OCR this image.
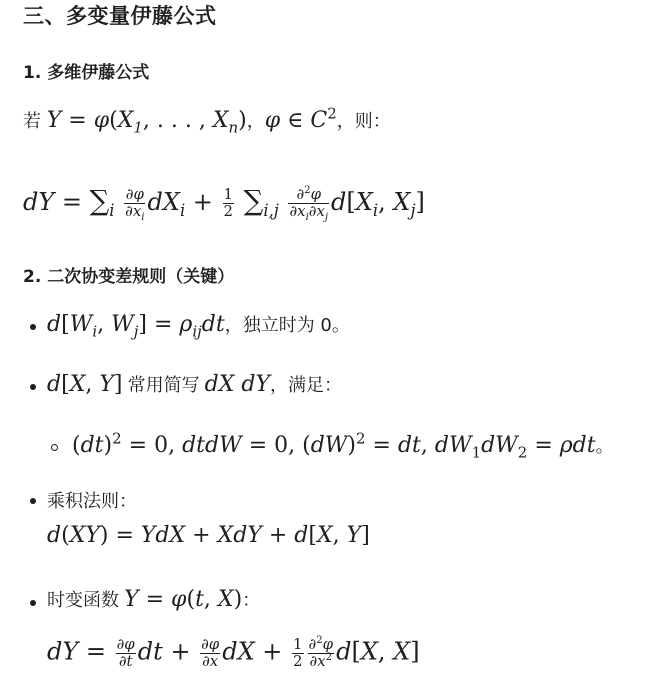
三、多变量伊藤公式
1. 多维伊藤公式
若 $Y = \varphi(X_1$, . . . , $X_n$)，φ ∈ $C^2$，则：
dY = $\sum_i \frac{\partial\varphi}{\partial x_i} dX_i + \frac{1}{2} \sum_{i,j} \frac{\partial^2\varphi}{\partial x_i\partial x_j} d[X_i$, $X_j$]
2. 二次协变差规则（关键）
$d[W_i$, $W_j] = \rho_{ij}dt$，独立时为 0。
d[X, Y] 常用简写 dX dY，满足：
(dt)$^2$ = 0, dtdW = 0, (dW)$^2$ = dt, $dW_1dW_2 = \rho dt$。
乘积法则：
d(XY) = YdX + XdY + d[X, Y]
时变函数 Y = φ(t, X)：
dY = $\frac{\partial\varphi}{\partial t}$ dt + $\frac{\partial\varphi}{\partial x}$ dX + $\frac{1}{2} \frac{\partial^2\varphi}{\partial x^2} d[X$, X]
